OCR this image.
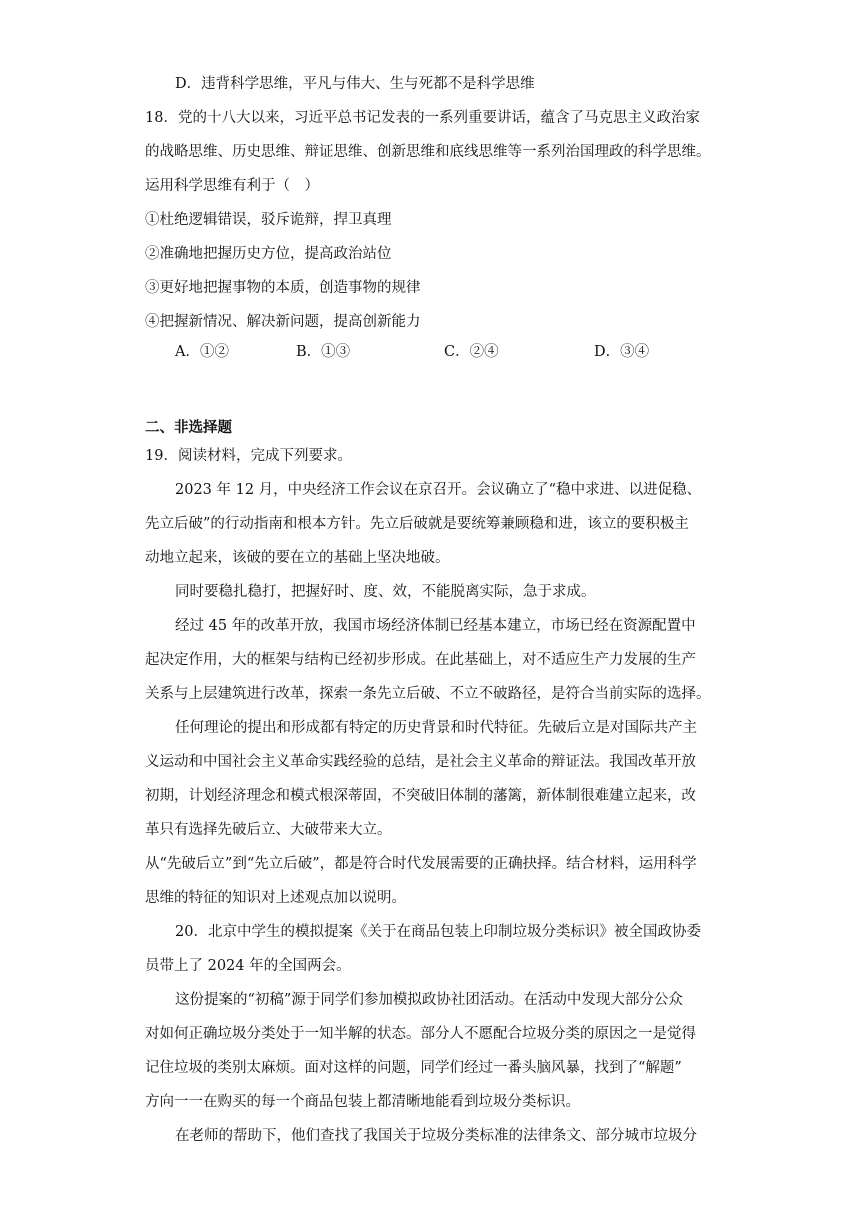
D．违背科学思维，平凡与伟大、生与死都不是科学思维
18．党的十八大以来，习近平总书记发表的一系列重要讲话，蕴含了马克思主义政治家
的战略思维、历史思维、辩证思维、创新思维和底线思维等一系列治国理政的科学思维。
运用科学思维有利于（　）
①杜绝逻辑错误，驳斥诡辩，捍卫真理
②准确地把握历史方位，提高政治站位
③更好地把握事物的本质，创造事物的规律
④把握新情况、解决新问题，提高创新能力
A．①②	B．①③	C．②④	D．③④
二、非选择题
19．阅读材料，完成下列要求。
2023 年 12 月，中央经济工作会议在京召开。会议确立了“稳中求进、以进促稳、
先立后破”的行动指南和根本方针。先立后破就是要统筹兼顾稳和进，该立的要积极主
动地立起来，该破的要在立的基础上坚决地破。
同时要稳扎稳打，把握好时、度、效，不能脱离实际，急于求成。
经过 45 年的改革开放，我国市场经济体制已经基本建立，市场已经在资源配置中
起决定作用，大的框架与结构已经初步形成。在此基础上，对不适应生产力发展的生产
关系与上层建筑进行改革，探索一条先立后破、不立不破路径，是符合当前实际的选择。
任何理论的提出和形成都有特定的历史背景和时代特征。先破后立是对国际共产主
义运动和中国社会主义革命实践经验的总结，是社会主义革命的辩证法。我国改革开放
初期，计划经济理念和模式根深蒂固，不突破旧体制的藩篱，新体制很难建立起来，改
革只有选择先破后立、大破带来大立。
从“先破后立”到“先立后破”，都是符合时代发展需要的正确抉择。结合材料，运用科学
思维的特征的知识对上述观点加以说明。
20．北京中学生的模拟提案《关于在商品包装上印制垃圾分类标识》被全国政协委
员带上了 2024 年的全国两会。
这份提案的“初稿”源于同学们参加模拟政协社团活动。在活动中发现大部分公众
对如何正确垃圾分类处于一知半解的状态。部分人不愿配合垃圾分类的原因之一是觉得
记住垃圾的类别太麻烦。面对这样的问题，同学们经过一番头脑风暴，找到了“解题”
方向一一在购买的每一个商品包装上都清晰地能看到垃圾分类标识。
在老师的帮助下，他们查找了我国关于垃圾分类标准的法律条文、部分城市垃圾分
